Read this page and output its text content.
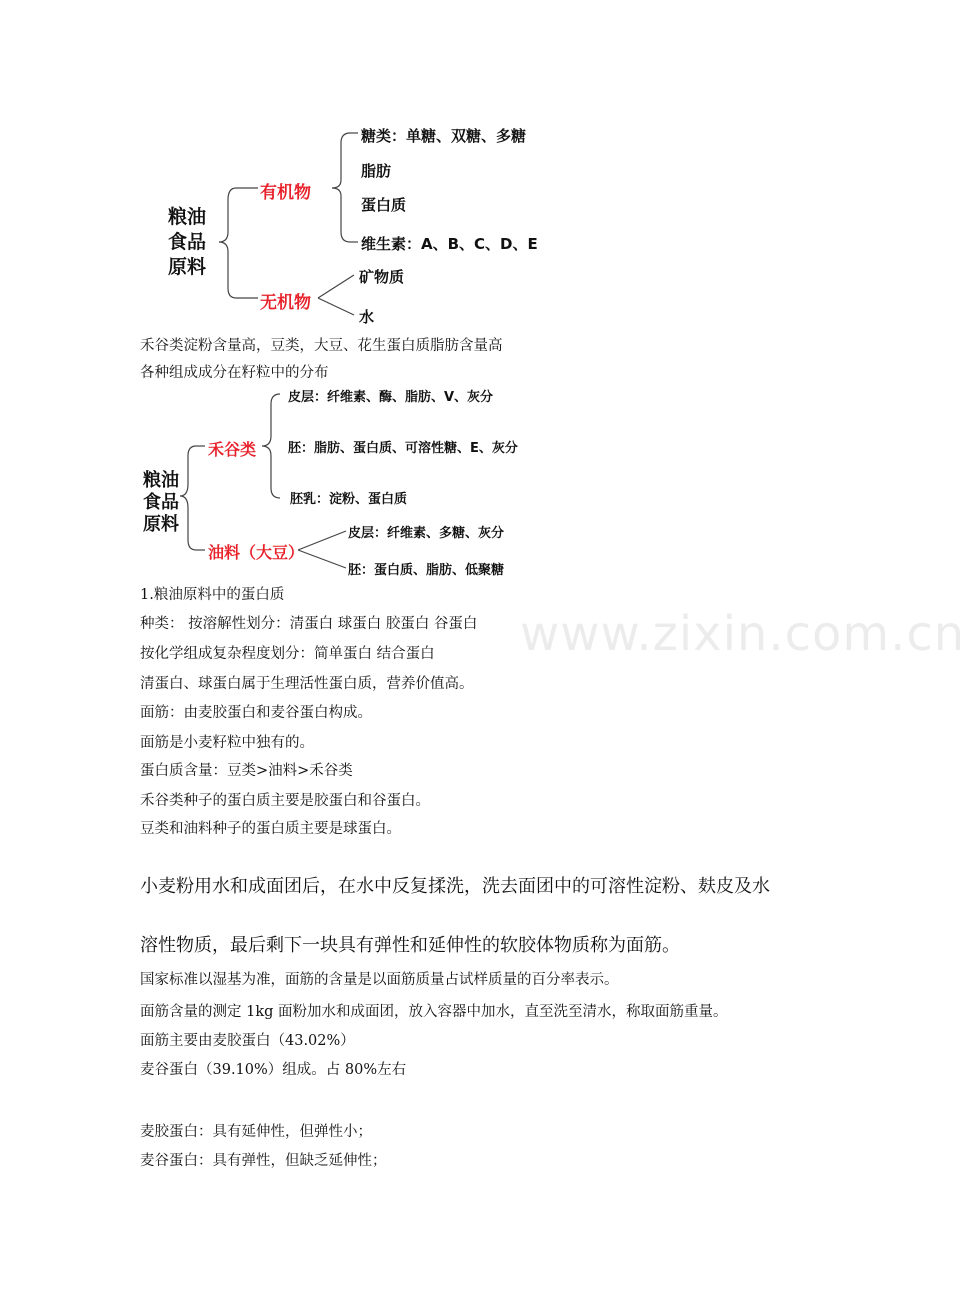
粮油
食品
原料
有机物
无机物
糖类：单糖、双糖、多糖
脂肪
蛋白质
维生素：A、B、C、D、E
矿物质
水
禾谷类淀粉含量高，豆类，大豆、花生蛋白质脂肪含量高
各种组成成分在籽粒中的分布
粮油
食品
原料
禾谷类
油料（大豆）
皮层：纤维素、酶、脂肪、V、灰分
胚：脂肪、蛋白质、可溶性糖、E、灰分
胚乳：淀粉、蛋白质
皮层：纤维素、多糖、灰分
胚：蛋白质、脂肪、低聚糖
1.粮油原料中的蛋白质
种类： 按溶解性划分：清蛋白 球蛋白 胶蛋白 谷蛋白
按化学组成复杂程度划分：简单蛋白 结合蛋白
清蛋白、球蛋白属于生理活性蛋白质，营养价值高。
面筋：由麦胶蛋白和麦谷蛋白构成。
面筋是小麦籽粒中独有的。
蛋白质含量：豆类>油料>禾谷类
禾谷类种子的蛋白质主要是胶蛋白和谷蛋白。
豆类和油料种子的蛋白质主要是球蛋白。
小麦粉用水和成面团后，在水中反复揉洗，洗去面团中的可溶性淀粉、麸皮及水
溶性物质，最后剩下一块具有弹性和延伸性的软胶体物质称为面筋。
国家标准以湿基为准，面筋的含量是以面筋质量占试样质量的百分率表示。
面筋含量的测定 1kg 面粉加水和成面团，放入容器中加水，直至洗至清水，称取面筋重量。
面筋主要由麦胶蛋白（43.02%）
麦谷蛋白（39.10%）组成。占 80%左右
麦胶蛋白：具有延伸性，但弹性小；
麦谷蛋白：具有弹性，但缺乏延伸性；
www.zixin.com.cn
